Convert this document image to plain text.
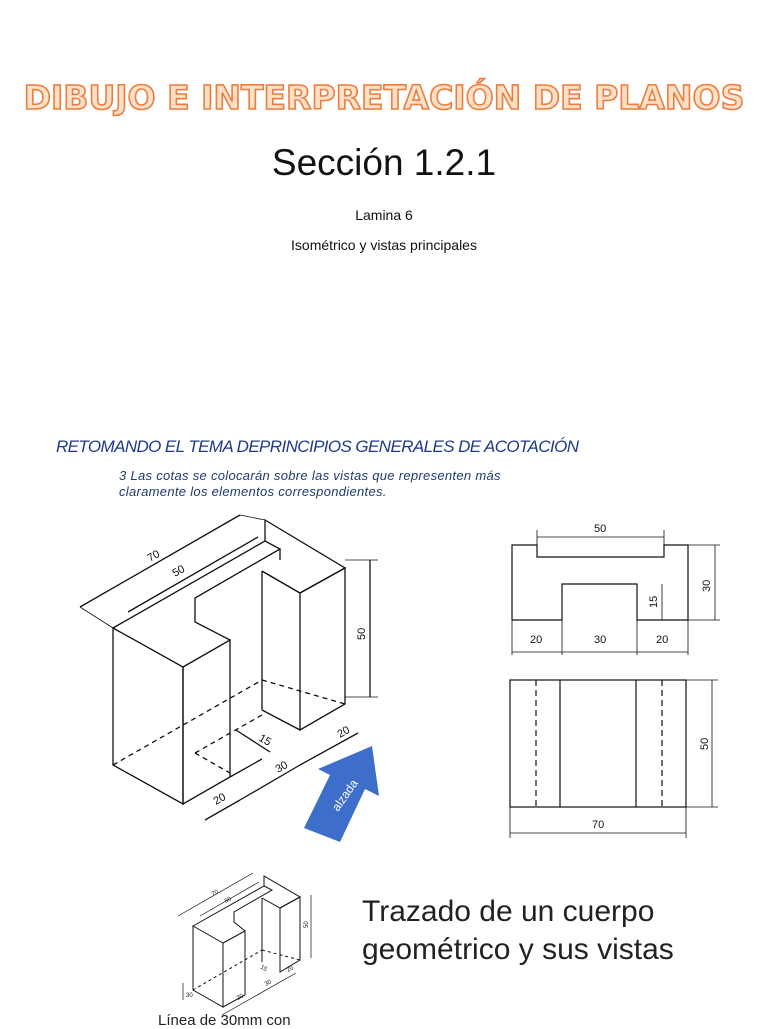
DIBUJO E INTERPRETACIÓN DE PLANOS
Sección 1.2.1
Lamina 6
Isométrico y vistas principales
RETOMANDO EL TEMA DEPRINCIPIOS GENERALES DE ACOTACIÓN
3 Las cotas se colocarán sobre las vistas que representen más
claramente los elementos correspondientes.
70
50
50
15
20
30
20
alzada
50
30
15
20	30	20
50
70
70
50
50
15
20
30
20
30
Trazado de un cuerpo
geométrico y sus vistas
Línea de 30mm con
